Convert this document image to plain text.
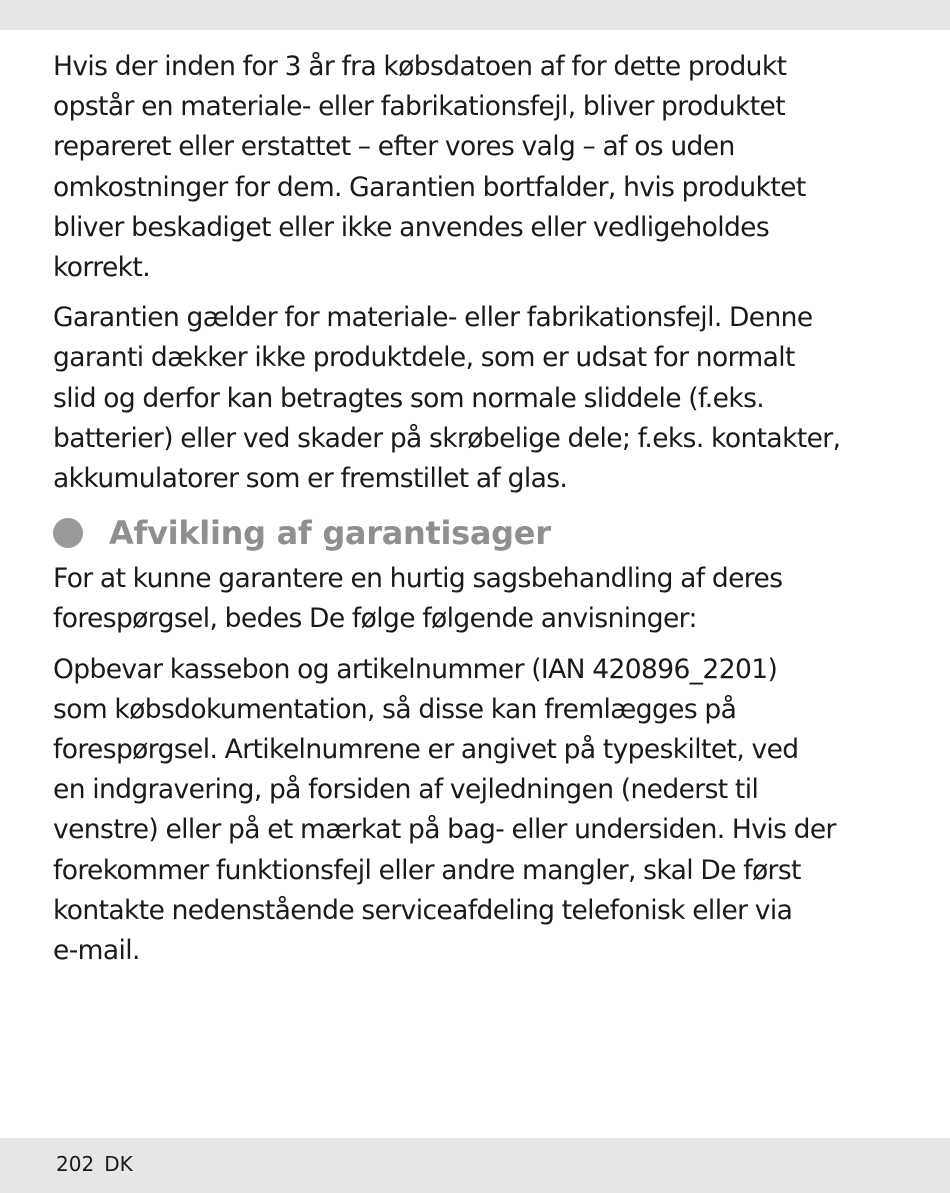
Hvis der inden for 3 år fra købsdatoen af for dette produkt
opstår en materiale- eller fabrikationsfejl, bliver produktet
repareret eller erstattet – efter vores valg – af os uden
omkostninger for dem. Garantien bortfalder, hvis produktet
bliver beskadiget eller ikke anvendes eller vedligeholdes
korrekt.

Garantien gælder for materiale- eller fabrikationsfejl. Denne
garanti dækker ikke produktdele, som er udsat for normalt
slid og derfor kan betragtes som normale sliddele (f.eks.
batterier) eller ved skader på skrøbelige dele; f.eks. kontakter,
akkumulatorer som er fremstillet af glas.

Afvikling af garantisager

For at kunne garantere en hurtig sagsbehandling af deres
forespørgsel, bedes De følge følgende anvisninger:

Opbevar kassebon og artikelnummer (IAN 420896_2201)
som købsdokumentation, så disse kan fremlægges på
forespørgsel. Artikelnumrene er angivet på typeskiltet, ved
en indgravering, på forsiden af vejledningen (nederst til
venstre) eller på et mærkat på bag- eller undersiden. Hvis der
forekommer funktionsfejl eller andre mangler, skal De først
kontakte nedenstående serviceafdeling telefonisk eller via
e-mail.

202 DK
